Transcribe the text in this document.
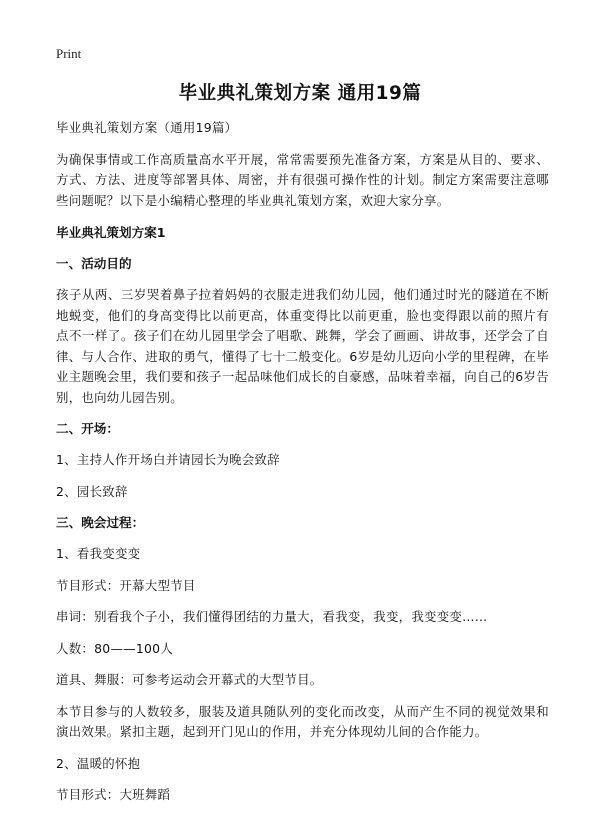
Print
毕业典礼策划方案 通用19篇

毕业典礼策划方案（通用19篇）

为确保事情或工作高质量高水平开展，常常需要预先准备方案，方案是从目的、要求、方式、方法、进度等部署具体、周密，并有很强可操作性的计划。制定方案需要注意哪些问题呢？以下是小编精心整理的毕业典礼策划方案，欢迎大家分享。

毕业典礼策划方案1

一、活动目的

孩子从两、三岁哭着鼻子拉着妈妈的衣服走进我们幼儿园，他们通过时光的隧道在不断地蜕变，他们的身高变得比以前更高，体重变得比以前更重，脸也变得跟以前的照片有点不一样了。孩子们在幼儿园里学会了唱歌、跳舞，学会了画画、讲故事，还学会了自律、与人合作、进取的勇气，懂得了七十二般变化。6岁是幼儿迈向小学的里程碑，在毕业主题晚会里，我们要和孩子一起品味他们成长的自豪感，品味着幸福，向自己的6岁告别，也向幼儿园告别。

二、开场：

1、主持人作开场白并请园长为晚会致辞

2、园长致辞

三、晚会过程：

1、看我变变变

节目形式：开幕大型节目

串词：别看我个子小，我们懂得团结的力量大，看我变，我变，我变变变……

人数：80——100人

道具、舞服：可参考运动会开幕式的大型节目。

本节目参与的人数较多，服装及道具随队列的变化而改变，从而产生不同的视觉效果和演出效果。紧扣主题，起到开门见山的作用，并充分体现幼儿间的合作能力。

2、温暖的怀抱

节目形式：大班舞蹈
